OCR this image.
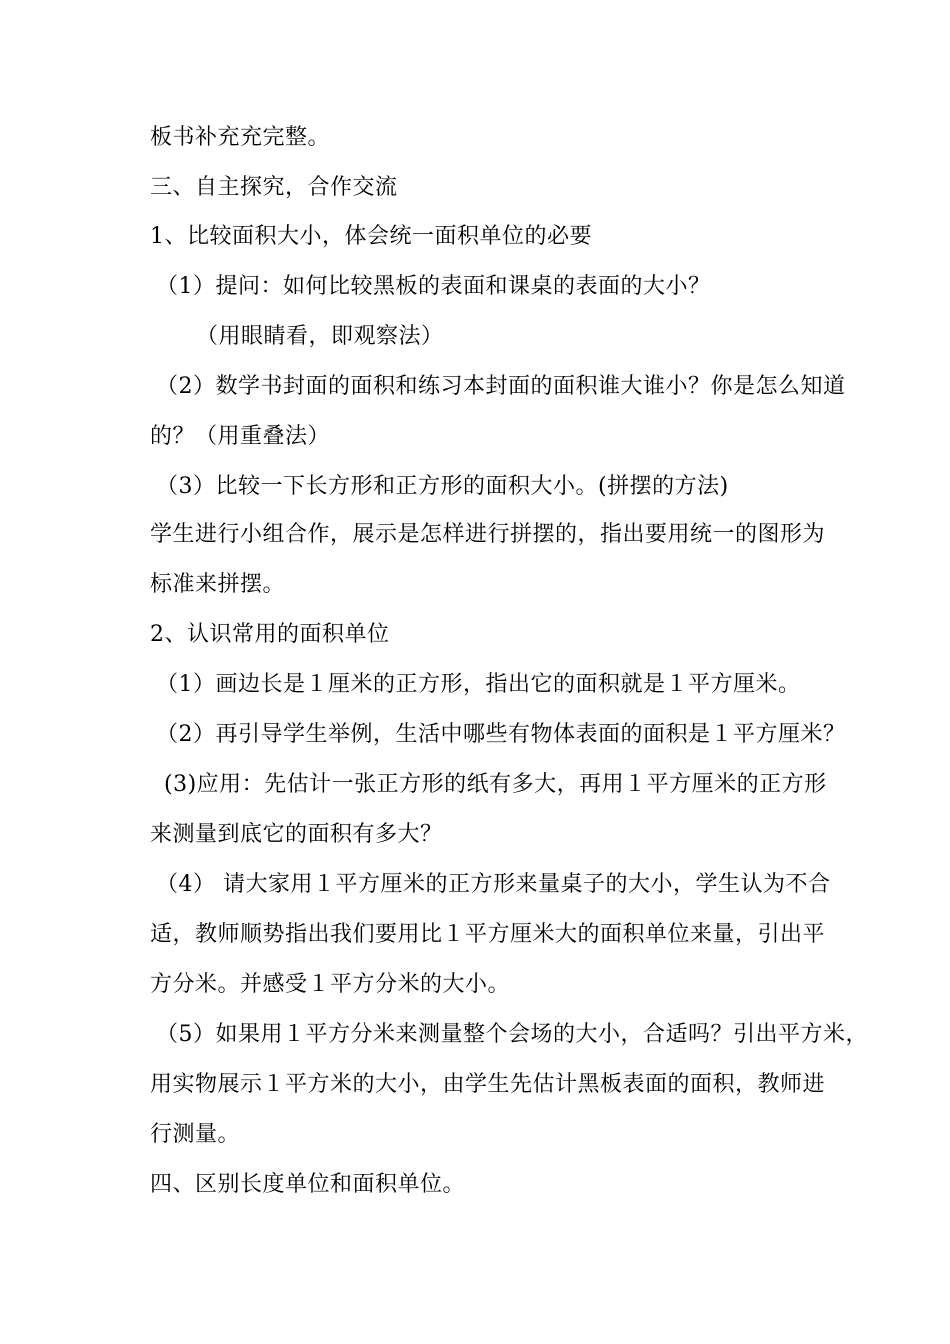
板书补充充完整。
三、自主探究，合作交流
1、比较面积大小，体会统一面积单位的必要
（1）提问：如何比较黑板的表面和课桌的表面的大小？
（用眼睛看，即观察法）
（2）数学书封面的面积和练习本封面的面积谁大谁小？你是怎么知道
的？（用重叠法）
（3）比较一下长方形和正方形的面积大小。(拼摆的方法)
学生进行小组合作，展示是怎样进行拼摆的，指出要用统一的图形为
标准来拼摆。
2、认识常用的面积单位
（1）画边长是１厘米的正方形，指出它的面积就是１平方厘米。
（2）再引导学生举例，生活中哪些有物体表面的面积是１平方厘米？
(3)应用：先估计一张正方形的纸有多大，再用１平方厘米的正方形
来测量到底它的面积有多大？
（4） 请大家用１平方厘米的正方形来量桌子的大小，学生认为不合
适，教师顺势指出我们要用比１平方厘米大的面积单位来量，引出平
方分米。并感受１平方分米的大小。
（5）如果用１平方分米来测量整个会场的大小，合适吗？引出平方米，
用实物展示１平方米的大小，由学生先估计黑板表面的面积，教师进
行测量。
四、区别长度单位和面积单位。
